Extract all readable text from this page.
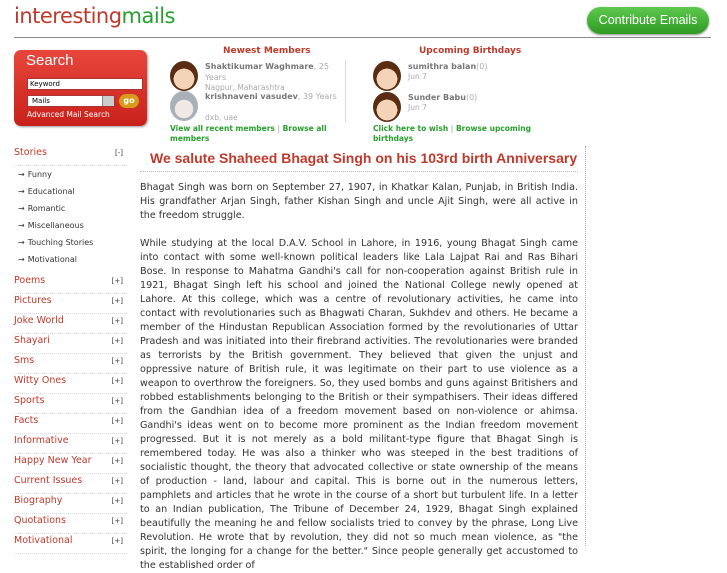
interestingmails	Contribute Emails
Search
Keyword
Mails	go
Advanced Mail Search
Newest Members
Shaktikumar Waghmare, 25 Years
Nagpur, Maharashtra
krishnaveni vasudev, 39 Years
dxb, uae
View all recent members | Browse all members
Upcoming Birthdays
sumithra balan(0)
Jun 7
Sunder Babu(0)
Jun 7
Click here to wish | Browse upcoming birthdays
Stories	[-]
→ Funny
→ Educational
→ Romantic
→ Miscellaneous
→ Touching Stories
→ Motivational
Poems	[+]
Pictures	[+]
Joke World	[+]
Shayari	[+]
Sms	[+]
Witty Ones	[+]
Sports	[+]
Facts	[+]
Informative	[+]
Happy New Year	[+]
Current Issues	[+]
Biography	[+]
Quotations	[+]
Motivational	[+]
We salute Shaheed Bhagat Singh on his 103rd birth Anniversary
Bhagat Singh was born on September 27, 1907, in Khatkar Kalan, Punjab, in British India. His grandfather Arjan Singh, father Kishan Singh and uncle Ajit Singh, were all active in the freedom struggle.
While studying at the local D.A.V. School in Lahore, in 1916, young Bhagat Singh came into contact with some well-known political leaders like Lala Lajpat Rai and Ras Bihari Bose. In response to Mahatma Gandhi's call for non-cooperation against British rule in 1921, Bhagat Singh left his school and joined the National College newly opened at Lahore. At this college, which was a centre of revolutionary activities, he came into contact with revolutionaries such as Bhagwati Charan, Sukhdev and others. He became a member of the Hindustan Republican Association formed by the revolutionaries of Uttar Pradesh and was initiated into their firebrand activities. The revolutionaries were branded as terrorists by the British government. They believed that given the unjust and oppressive nature of British rule, it was legitimate on their part to use violence as a weapon to overthrow the foreigners. So, they used bombs and guns against Britishers and robbed establishments belonging to the British or their sympathisers. Their ideas differed from the Gandhian idea of a freedom movement based on non-violence or ahimsa. Gandhi's ideas went on to become more prominent as the Indian freedom movement progressed. But it is not merely as a bold militant-type figure that Bhagat Singh is remembered today. He was also a thinker who was steeped in the best traditions of socialistic thought, the theory that advocated collective or state ownership of the means of production - land, labour and capital. This is borne out in the numerous letters, pamphlets and articles that he wrote in the course of a short but turbulent life. In a letter to an Indian publication, The Tribune of December 24, 1929, Bhagat Singh explained beautifully the meaning he and fellow socialists tried to convey by the phrase, Long Live Revolution. He wrote that by revolution, they did not so much mean violence, as "the spirit, the longing for a change for the better." Since people generally get accustomed to the established order of
